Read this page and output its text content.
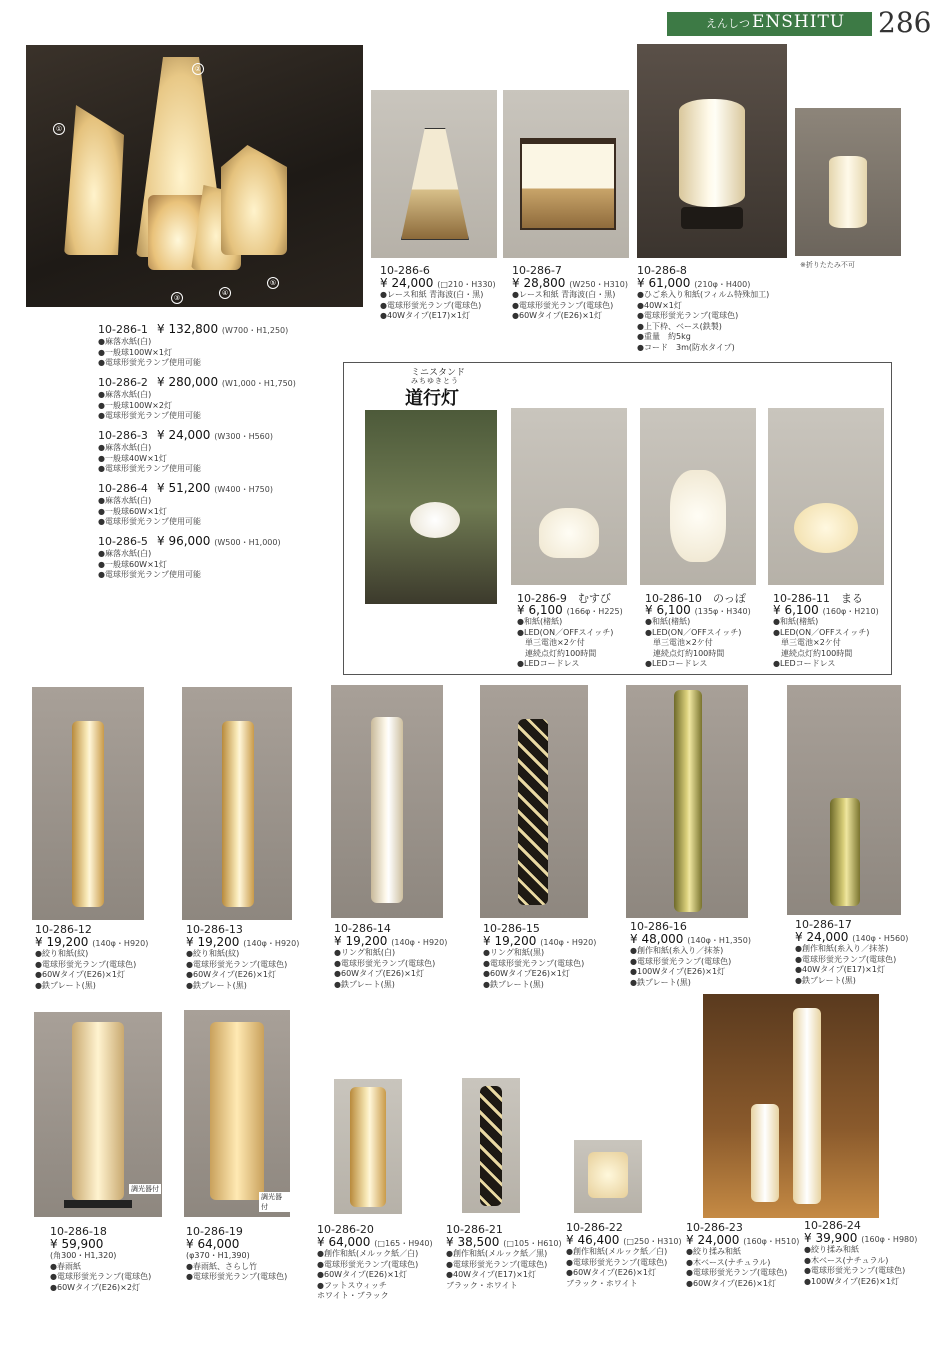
えんしつ ENSHITU 286
①
②
③
④
⑤
10-286-1 ¥ 132,800 (W700・H1,250)
●麻落水紙(白)
●一般球100W×1灯
●電球形蛍光ランプ使用可能
10-286-2 ¥ 280,000 (W1,000・H1,750)
●麻落水紙(白)
●一般球100W×2灯
●電球形蛍光ランプ使用可能
10-286-3 ¥ 24,000 (W300・H560)
●麻落水紙(白)
●一般球40W×1灯
●電球形蛍光ランプ使用可能
10-286-4 ¥ 51,200 (W400・H750)
●麻落水紙(白)
●一般球60W×1灯
●電球形蛍光ランプ使用可能
10-286-5 ¥ 96,000 (W500・H1,000)
●麻落水紙(白)
●一般球60W×1灯
●電球形蛍光ランプ使用可能
※折りたたみ不可
10-286-6
¥ 24,000 (□210・H330)
●レース和紙 青海波(白・黒)
●電球形蛍光ランプ(電球色)
●40Wタイプ(E17)×1灯
10-286-7
¥ 28,800 (W250・H310)
●レース和紙 青海波(白・黒)
●電球形蛍光ランプ(電球色)
●60Wタイプ(E26)×1灯
10-286-8
¥ 61,000 (210φ・H400)
●ひご糸入り和紙(フィルム特殊加工)
●40W×1灯
●電球形蛍光ランプ(電球色)
●上下枠、ベース(鉄製)
●重量　約5kg
●コード　3m(防水タイプ)
ミニスタンド
みちゆきとう
道行灯
10-286-9　 むすび
¥ 6,100 (166φ・H225)
●和紙(楮紙)
●LED(ON／OFFスイッチ)
　単三電池×2ケ付
　連続点灯約100時間
●LEDコードレス
10-286-10　 のっぽ
¥ 6,100 (135φ・H340)
●和紙(楮紙)
●LED(ON／OFFスイッチ)
　単三電池×2ケ付
　連続点灯約100時間
●LEDコードレス
10-286-11　 まる
¥ 6,100 (160φ・H210)
●和紙(楮紙)
●LED(ON／OFFスイッチ)
　単三電池×2ケ付
　連続点灯約100時間
●LEDコードレス
10-286-12
¥ 19,200 (140φ・H920)
●絞り和紙(紋)
●電球形蛍光ランプ(電球色)
●60Wタイプ(E26)×1灯
●鉄プレート(黒)
10-286-13
¥ 19,200 (140φ・H920)
●絞り和紙(紋)
●電球形蛍光ランプ(電球色)
●60Wタイプ(E26)×1灯
●鉄プレート(黒)
10-286-14
¥ 19,200 (140φ・H920)
●リング和紙(白)
●電球形蛍光ランプ(電球色)
●60Wタイプ(E26)×1灯
●鉄プレート(黒)
10-286-15
¥ 19,200 (140φ・H920)
●リング和紙(黒)
●電球形蛍光ランプ(電球色)
●60WタイプE26)×1灯
●鉄プレート(黒)
10-286-16
¥ 48,000 (140φ・H1,350)
●創作和紙(糸入り／抹茶)
●電球形蛍光ランプ(電球色)
●100Wタイプ(E26)×1灯
●鉄プレート(黒)
10-286-17
¥ 24,000 (140φ・H560)
●創作和紙(糸入り／抹茶)
●電球形蛍光ランプ(電球色)
●40Wタイプ(E17)×1灯
●鉄プレート(黒)
調光器付
調光器付
10-286-18
¥ 59,900
(角300・H1,320)
●春雨紙
●電球形蛍光ランプ(電球色)
●60Wタイプ(E26)×2灯
10-286-19
¥ 64,000
(φ370・H1,390)
●春雨紙、さらし竹
●電球形蛍光ランプ(電球色)
10-286-20
¥ 64,000 (□165・H940)
●創作和紙(メルック紙／白)
●電球形蛍光ランプ(電球色)
●60Wタイプ(E26)×1灯
●フットスウィッチ
ホワイト・ブラック
10-286-21
¥ 38,500 (□105・H610)
●創作和紙(メルック紙／黒)
●電球形蛍光ランプ(電球色)
●40Wタイプ(E17)×1灯
ブラック・ホワイト
10-286-22
¥ 46,400 (□250・H310)
●創作和紙(メルック紙／白)
●電球形蛍光ランプ(電球色)
●60Wタイプ(E26)×1灯
ブラック・ホワイト
10-286-23
¥ 24,000 (160φ・H510)
●絞り揉み和紙
●木ベース(ナチュラル)
●電球形蛍光ランプ(電球色)
●60Wタイプ(E26)×1灯
10-286-24
¥ 39,900 (160φ・H980)
●絞り揉み和紙
●木ベース(ナチュラル)
●電球形蛍光ランプ(電球色)
●100Wタイプ(E26)×1灯
